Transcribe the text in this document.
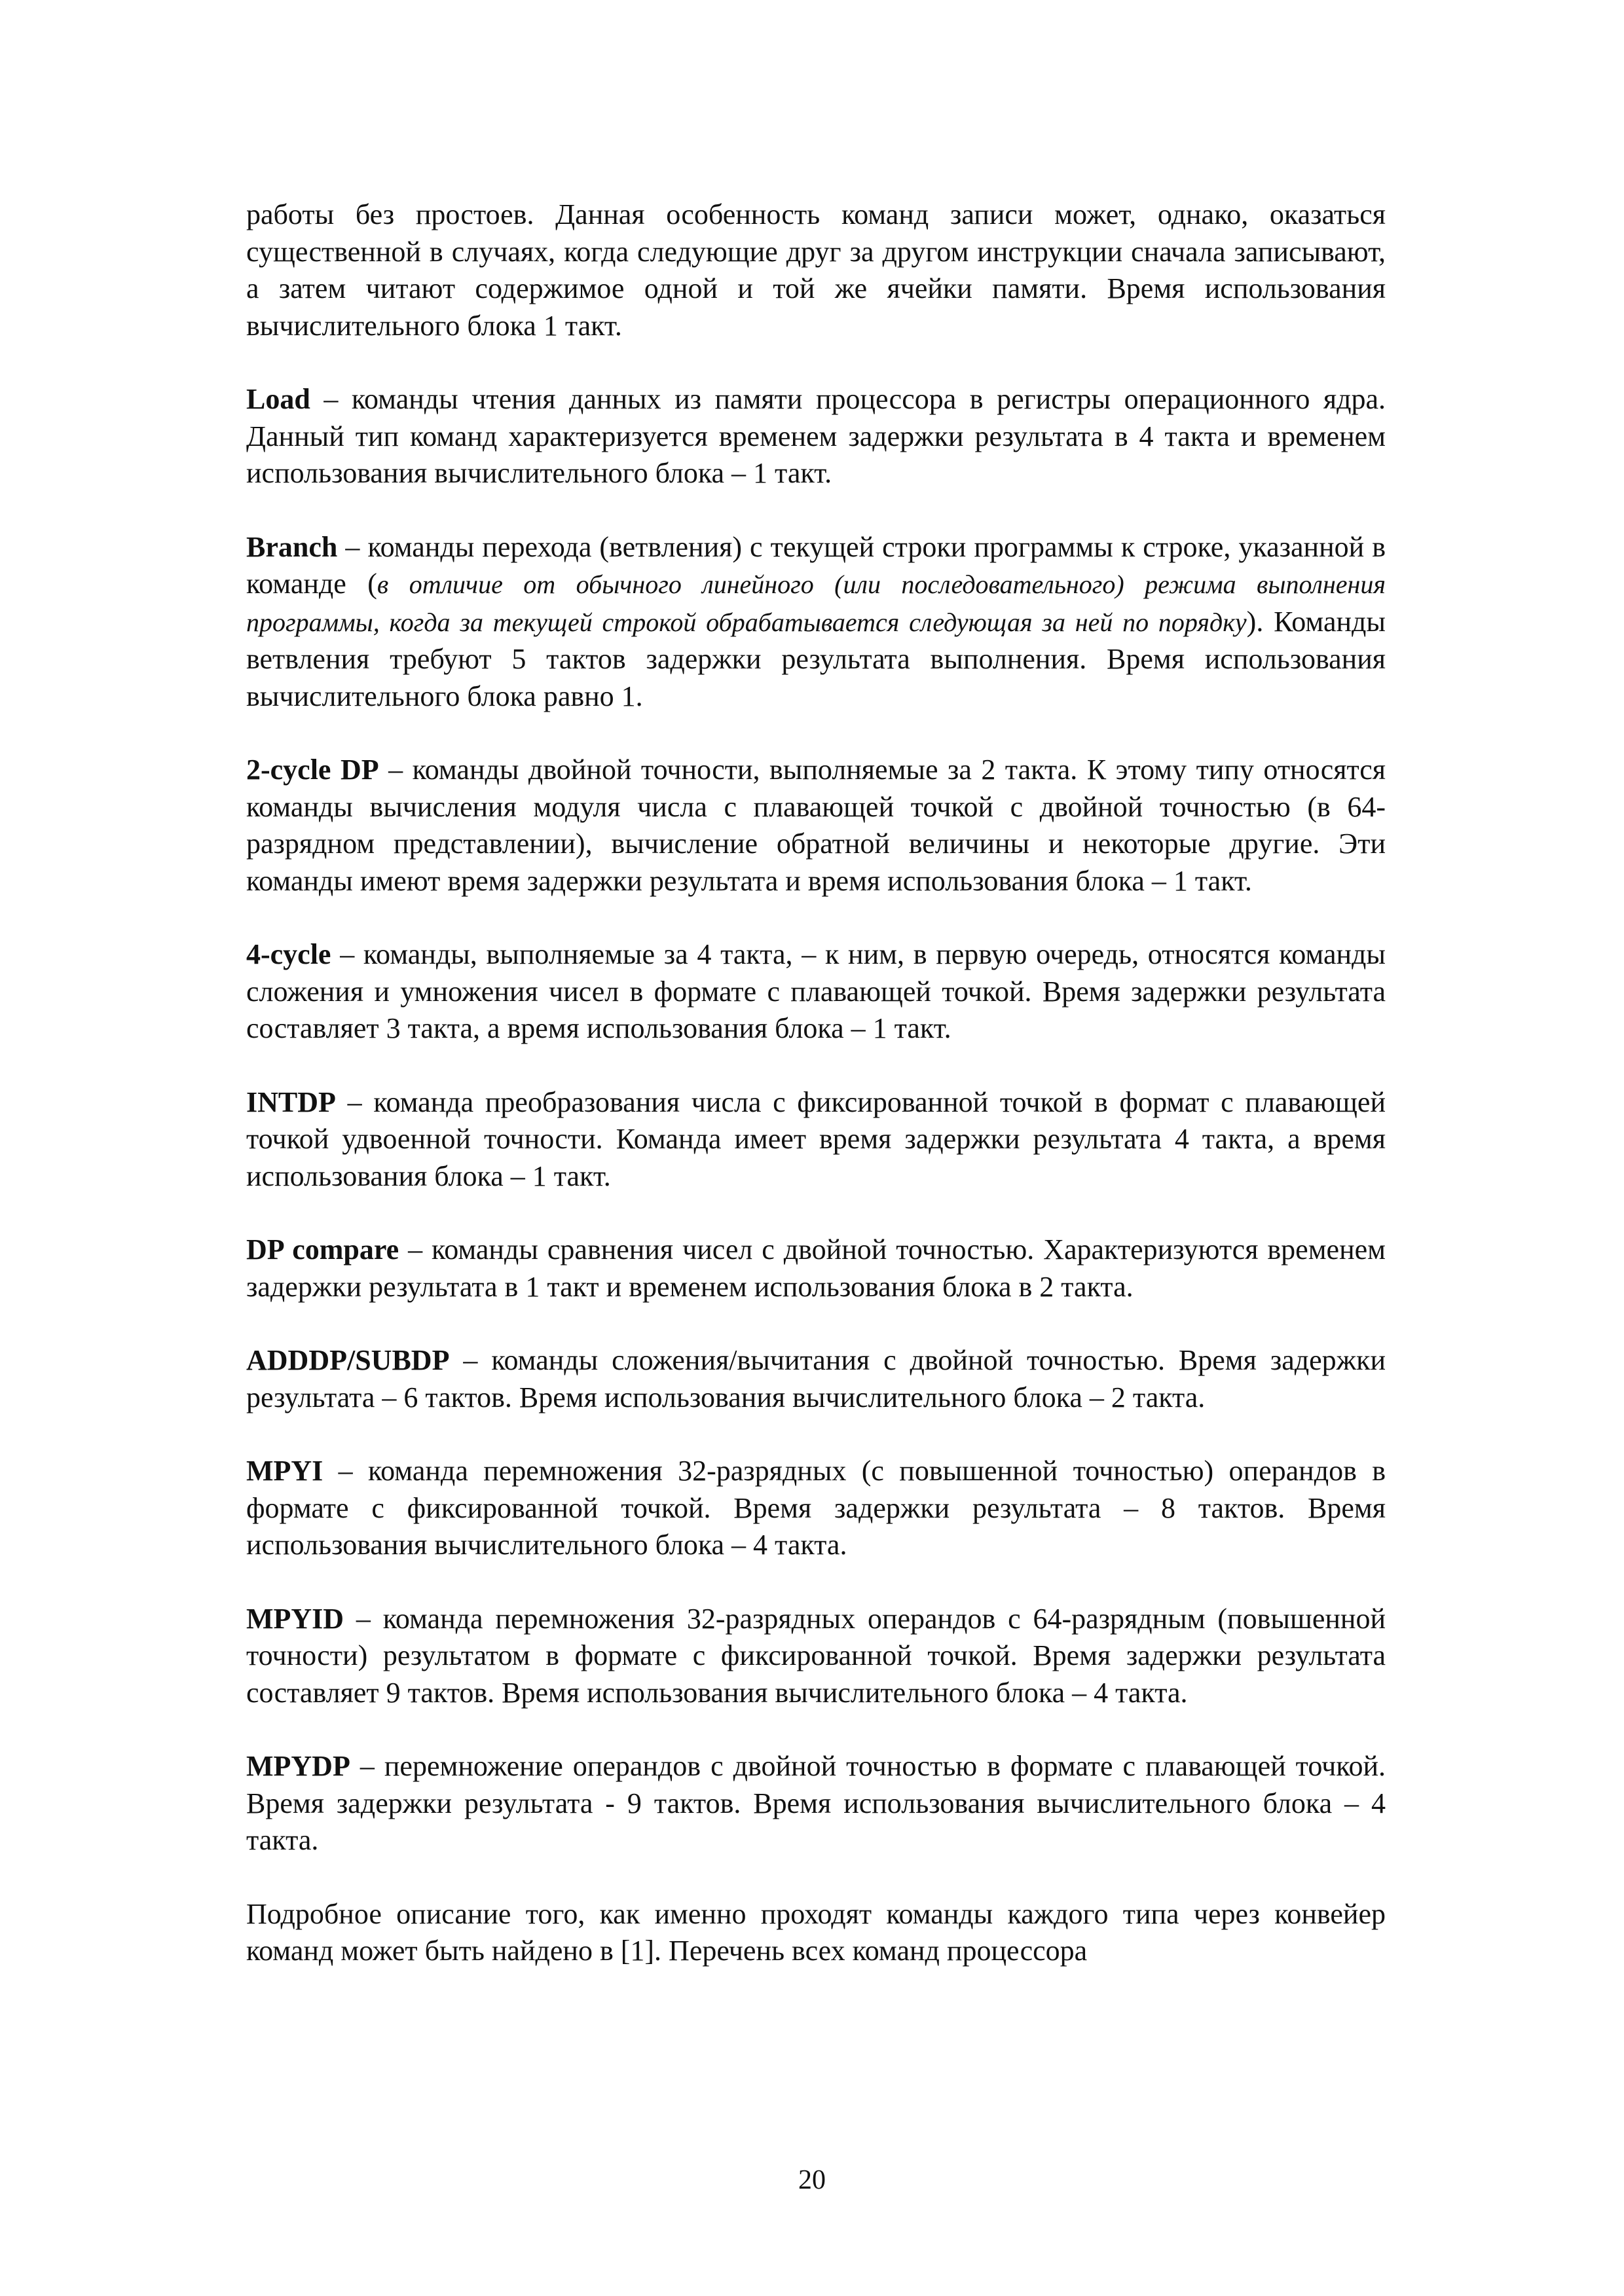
работы без простоев. Данная особенность команд записи может, однако, оказаться существенной в случаях, когда следующие друг за другом инструкции сначала записывают, а затем читают содержимое одной и той же ячейки памяти. Время использования вычислительного блока 1 такт.

Load – команды чтения данных из памяти процессора в регистры операционного ядра. Данный тип команд характеризуется временем задержки результата в 4 такта и временем использования вычислительного блока – 1 такт.

Branch – команды перехода (ветвления) с текущей строки программы к строке, указанной в команде (в отличие от обычного линейного (или последовательного) режима выполнения программы, когда за текущей строкой обрабатывается следующая за ней по порядку). Команды ветвления требуют 5 тактов задержки результата выполнения. Время использования вычислительного блока равно 1.

2-cycle DP – команды двойной точности, выполняемые за 2 такта. К этому типу относятся команды вычисления модуля числа с плавающей точкой с двойной точностью (в 64-разрядном представлении), вычисление обратной величины и некоторые другие. Эти команды имеют время задержки результата и время использования блока – 1 такт.

4-cycle – команды, выполняемые за 4 такта, – к ним, в первую очередь, относятся команды сложения и умножения чисел в формате с плавающей точкой. Время задержки результата составляет 3 такта, а время использования блока – 1 такт.

INTDP – команда преобразования числа с фиксированной точкой в формат с плавающей точкой удвоенной точности. Команда имеет время задержки результата 4 такта, а время использования блока – 1 такт.

DP compare – команды сравнения чисел с двойной точностью. Характеризуются временем задержки результата в 1 такт и временем использования блока в 2 такта.

ADDDP/SUBDP – команды сложения/вычитания с двойной точностью. Время задержки результата – 6 тактов. Время использования вычислительного блока – 2 такта.

MPYI – команда перемножения 32-разрядных (с повышенной точностью) операндов в формате с фиксированной точкой. Время задержки результата – 8 тактов. Время использования вычислительного блока – 4 такта.

MPYID – команда перемножения 32-разрядных операндов с 64-разрядным (повышенной точности) результатом в формате с фиксированной точкой. Время задержки результата составляет 9 тактов. Время использования вычислительного блока – 4 такта.

MPYDP – перемножение операндов с двойной точностью в формате с плавающей точкой. Время задержки результата - 9 тактов. Время использования вычислительного блока – 4 такта.

Подробное описание того, как именно проходят команды каждого типа через конвейер команд может быть найдено в [1]. Перечень всех команд процессора

20
